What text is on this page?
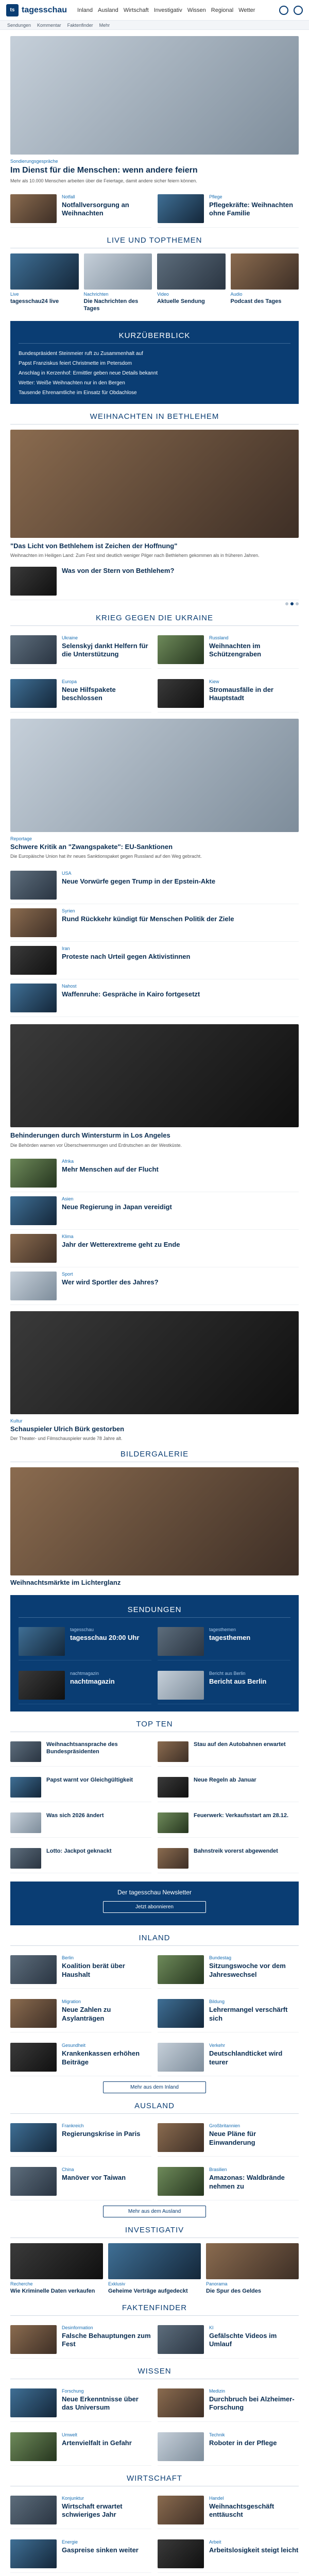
ts tagesschau Inland Ausland Wirtschaft Investigativ Wissen Regional Wetter
Sendungen Kommentar Faktenfinder Mehr
Sondierungsgespräche
Im Dienst für die Menschen: wenn andere feiern
Mehr als 10.000 Menschen arbeiten über die Feiertage, damit andere sicher feiern können.
Notfall
Notfallversorgung an Weihnachten
Pflege
Pflegekräfte: Weihnachten ohne Familie
LIVE UND TOPTHEMEN
Live
tagesschau24 live
Nachrichten
Die Nachrichten des Tages
Video
Aktuelle Sendung
Audio
Podcast des Tages
KURZÜBERBLICK
Bundespräsident Steinmeier ruft zu Zusammenhalt auf
Papst Franziskus feiert Christmette im Petersdom
Anschlag in Kerzenhof: Ermittler geben neue Details bekannt
Wetter: Weiße Weihnachten nur in den Bergen
Tausende Ehrenamtliche im Einsatz für Obdachlose
WEIHNACHTEN IN BETHLEHEM
"Das Licht von Bethlehem ist Zeichen der Hoffnung"
Weihnachten im Heiligen Land: Zum Fest sind deutlich weniger Pilger nach Bethlehem gekommen als in früheren Jahren.
Was von der Stern von Bethlehem?
KRIEG GEGEN DIE UKRAINE
Ukraine
Selenskyj dankt Helfern für die Unterstützung
Russland
Weihnachten im Schützengraben
Europa
Neue Hilfspakete beschlossen
Kiew
Stromausfälle in der Hauptstadt
Reportage
Schwere Kritik an "Zwangspakete": EU-Sanktionen
Die Europäische Union hat ihr neues Sanktionspaket gegen Russland auf den Weg gebracht.
USA
Neue Vorwürfe gegen Trump in der Epstein-Akte
Syrien
Rund Rückkehr kündigt für Menschen Politik der Ziele
Iran
Proteste nach Urteil gegen Aktivistinnen
Nahost
Waffenruhe: Gespräche in Kairo fortgesetzt
Behinderungen durch Wintersturm in Los Angeles
Die Behörden warnen vor Überschwemmungen und Erdrutschen an der Westküste.
Afrika
Mehr Menschen auf der Flucht
Asien
Neue Regierung in Japan vereidigt
Klima
Jahr der Wetterextreme geht zu Ende
Sport
Wer wird Sportler des Jahres?
Kultur
Schauspieler Ulrich Bürk gestorben
Der Theater- und Filmschauspieler wurde 78 Jahre alt.
BILDERGALERIE
Weihnachtsmärkte im Lichterglanz
SENDUNGEN
tagesschau
tagesschau 20:00 Uhr
tagesthemen
tagesthemen
nachtmagazin
nachtmagazin
Bericht aus Berlin
Bericht aus Berlin
TOP TEN
Weihnachtsansprache des Bundespräsidenten
Stau auf den Autobahnen erwartet
Papst warnt vor Gleichgültigkeit	Neue Regeln ab Januar
Was sich 2026 ändert	Feuerwerk: Verkaufsstart am 28.12.
Lotto: Jackpot geknackt	Bahnstreik vorerst abgewendet
Der tagesschau Newsletter
Jetzt abonnieren
INLAND
Berlin
Koalition berät über Haushalt
Bundestag
Sitzungswoche vor dem Jahreswechsel
Migration
Neue Zahlen zu Asylanträgen
Bildung
Lehrermangel verschärft sich
Gesundheit
Krankenkassen erhöhen Beiträge
Verkehr
Deutschlandticket wird teurer
Mehr aus dem Inland
AUSLAND
Frankreich
Regierungskrise in Paris
Großbritannien
Neue Pläne für Einwanderung
China
Manöver vor Taiwan
Brasilien
Amazonas: Waldbrände nehmen zu
Mehr aus dem Ausland
INVESTIGATIV
Recherche
Wie Kriminelle Daten verkaufen
Exklusiv
Geheime Verträge aufgedeckt
Panorama
Die Spur des Geldes
FAKTENFINDER
Desinformation
Falsche Behauptungen zum Fest
KI
Gefälschte Videos im Umlauf
WISSEN
Forschung
Neue Erkenntnisse über das Universum
Medizin
Durchbruch bei Alzheimer-Forschung
Umwelt
Artenvielfalt in Gefahr
Technik
Roboter in der Pflege
WIRTSCHAFT
Konjunktur
Wirtschaft erwartet schwieriges Jahr
Handel
Weihnachtsgeschäft enttäuscht
Energie
Gaspreise sinken weiter
Arbeit
Arbeitslosigkeit steigt leicht
